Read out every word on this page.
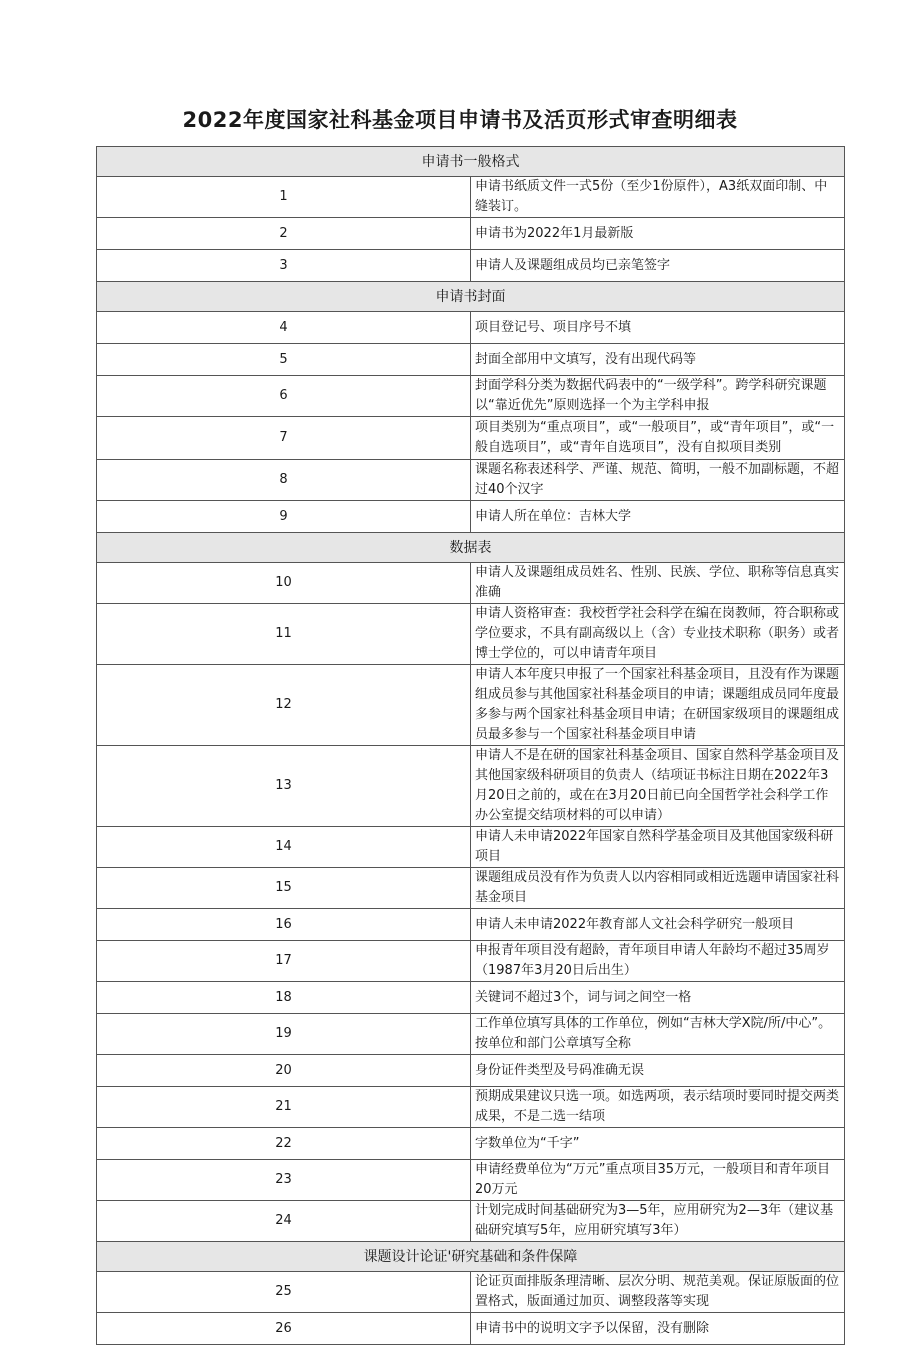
2022年度国家社科基金项目申请书及活页形式审查明细表
申请书一般格式	
1	申请书纸质文件一式5份（至少1份原件），A3纸双面印制、中缝装订。
2	申请书为2022年1月最新版
3	申请人及课题组成员均已亲笔签字
申请书封面	
4	项目登记号、项目序号不填
5	封面全部用中文填写，没有出现代码等
6	封面学科分类为数据代码表中的“一级学科”。跨学科研究课题以“靠近优先”原则选择一个为主学科申报
7	项目类别为“重点项目”，或“一般项目”，或“青年项目”，或“一般自选项目”，或“青年自选项目”，没有自拟项目类别
8	课题名称表述科学、严谨、规范、简明，一般不加副标题，不超过40个汉字
9	申请人所在单位：吉林大学
数据表	
10	申请人及课题组成员姓名、性别、民族、学位、职称等信息真实准确
11	申请人资格审查：我校哲学社会科学在编在岗教师，符合职称或学位要求，不具有副高级以上（含）专业技术职称（职务）或者博士学位的，可以申请青年项目
12	申请人本年度只申报了一个国家社科基金项目，且没有作为课题组成员参与其他国家社科基金项目的申请；课题组成员同年度最多参与两个国家社科基金项目申请；在研国家级项目的课题组成员最多参与一个国家社科基金项目申请
13	申请人不是在研的国家社科基金项目、国家自然科学基金项目及其他国家级科研项目的负责人（结项证书标注日期在2022年3月20日之前的，或在在3月20日前已向全国哲学社会科学工作办公室提交结项材料的可以申请）
14	申请人未申请2022年国家自然科学基金项目及其他国家级科研项目
15	课题组成员没有作为负责人以内容相同或相近选题申请国家社科基金项目
16	申请人未申请2022年教育部人文社会科学研究一般项目
17	申报青年项目没有超龄，青年项目申请人年龄均不超过35周岁（1987年3月20日后出生）
18	关键词不超过3个，词与词之间空一格
19	工作单位填写具体的工作单位，例如“吉林大学X院/所/中心”。按单位和部门公章填写全称
20	身份证件类型及号码准确无误
21	预期成果建议只选一项。如选两项，表示结项时要同时提交两类成果，不是二选一结项
22	字数单位为“千字”
23	申请经费单位为“万元”重点项目35万元，一般项目和青年项目20万元
24	计划完成时间基础研究为3—5年，应用研究为2—3年（建议基础研究填写5年，应用研究填写3年）
课题设计论证'研究基础和条件保障	
25	论证页面排版条理清晰、层次分明、规范美观。保证原版面的位置格式，版面通过加页、调整段落等实现
26	申请书中的说明文字予以保留，没有删除
